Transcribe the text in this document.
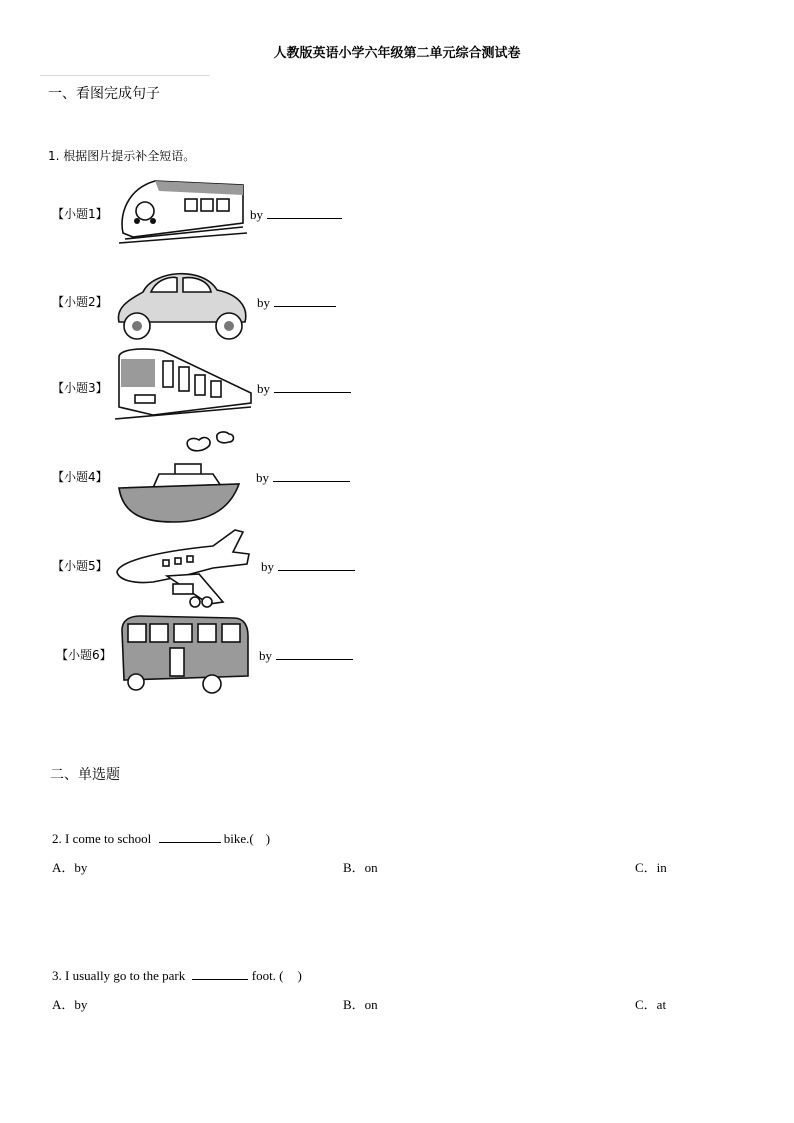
人教版英语小学六年级第二单元综合测试卷
一、看图完成句子
1. 根据图片提示补全短语。
【小题1】	by
【小题2】	by
【小题3】	by
【小题4】	by
【小题5】	by
【小题6】	by
二、单选题
2. I come to school	bike.( )
A．by	B．on	C．in
3. I usually go to the park	foot. ( )
A．by	B．on	C．at
